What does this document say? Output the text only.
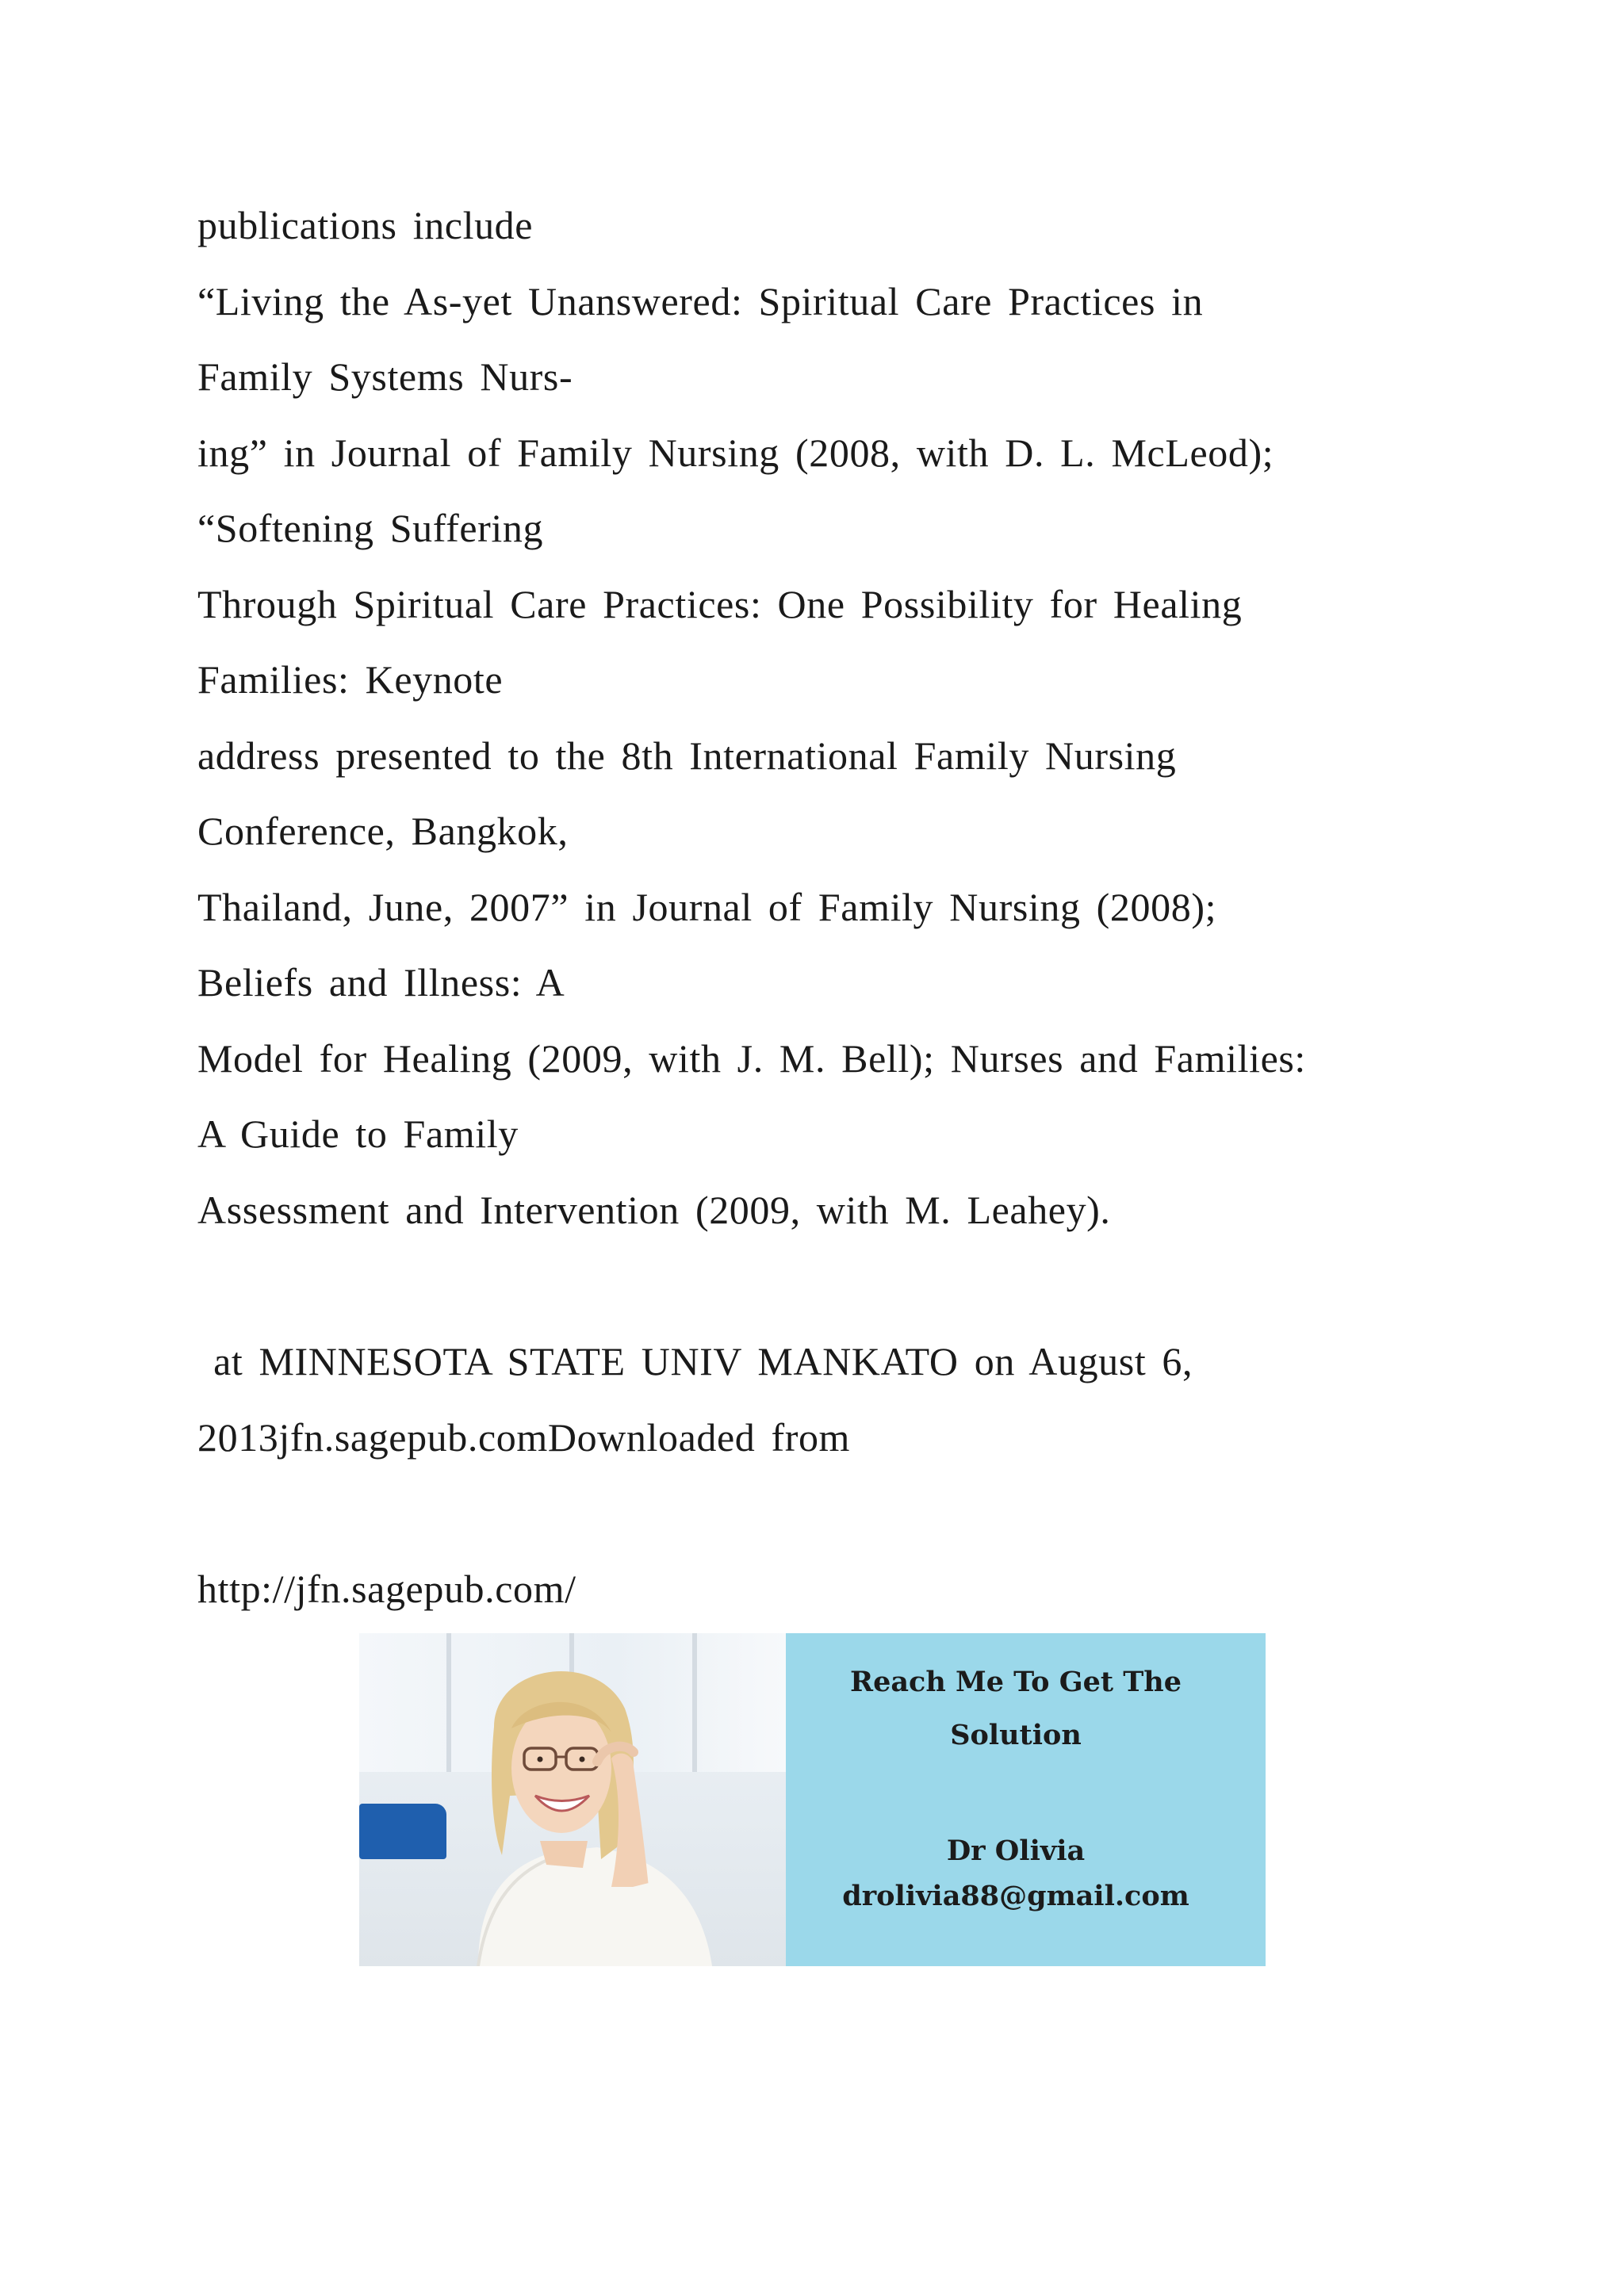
publications include
“Living the As-yet Unanswered: Spiritual Care Practices in
Family Systems Nurs-
ing” in Journal of Family Nursing (2008, with D. L. McLeod);
“Softening Suffering
Through Spiritual Care Practices: One Possibility for Healing
Families: Keynote
address presented to the 8th International Family Nursing
Conference, Bangkok,
Thailand, June, 2007” in Journal of Family Nursing (2008);
Beliefs and Illness: A
Model for Healing (2009, with J. M. Bell); Nurses and Families:
A Guide to Family
Assessment and Intervention (2009, with M. Leahey).
at MINNESOTA STATE UNIV MANKATO on August 6,
2013jfn.sagepub.comDownloaded from
http://jfn.sagepub.com/
Reach Me To Get The
Solution
Dr Olivia
drolivia88@gmail.com
